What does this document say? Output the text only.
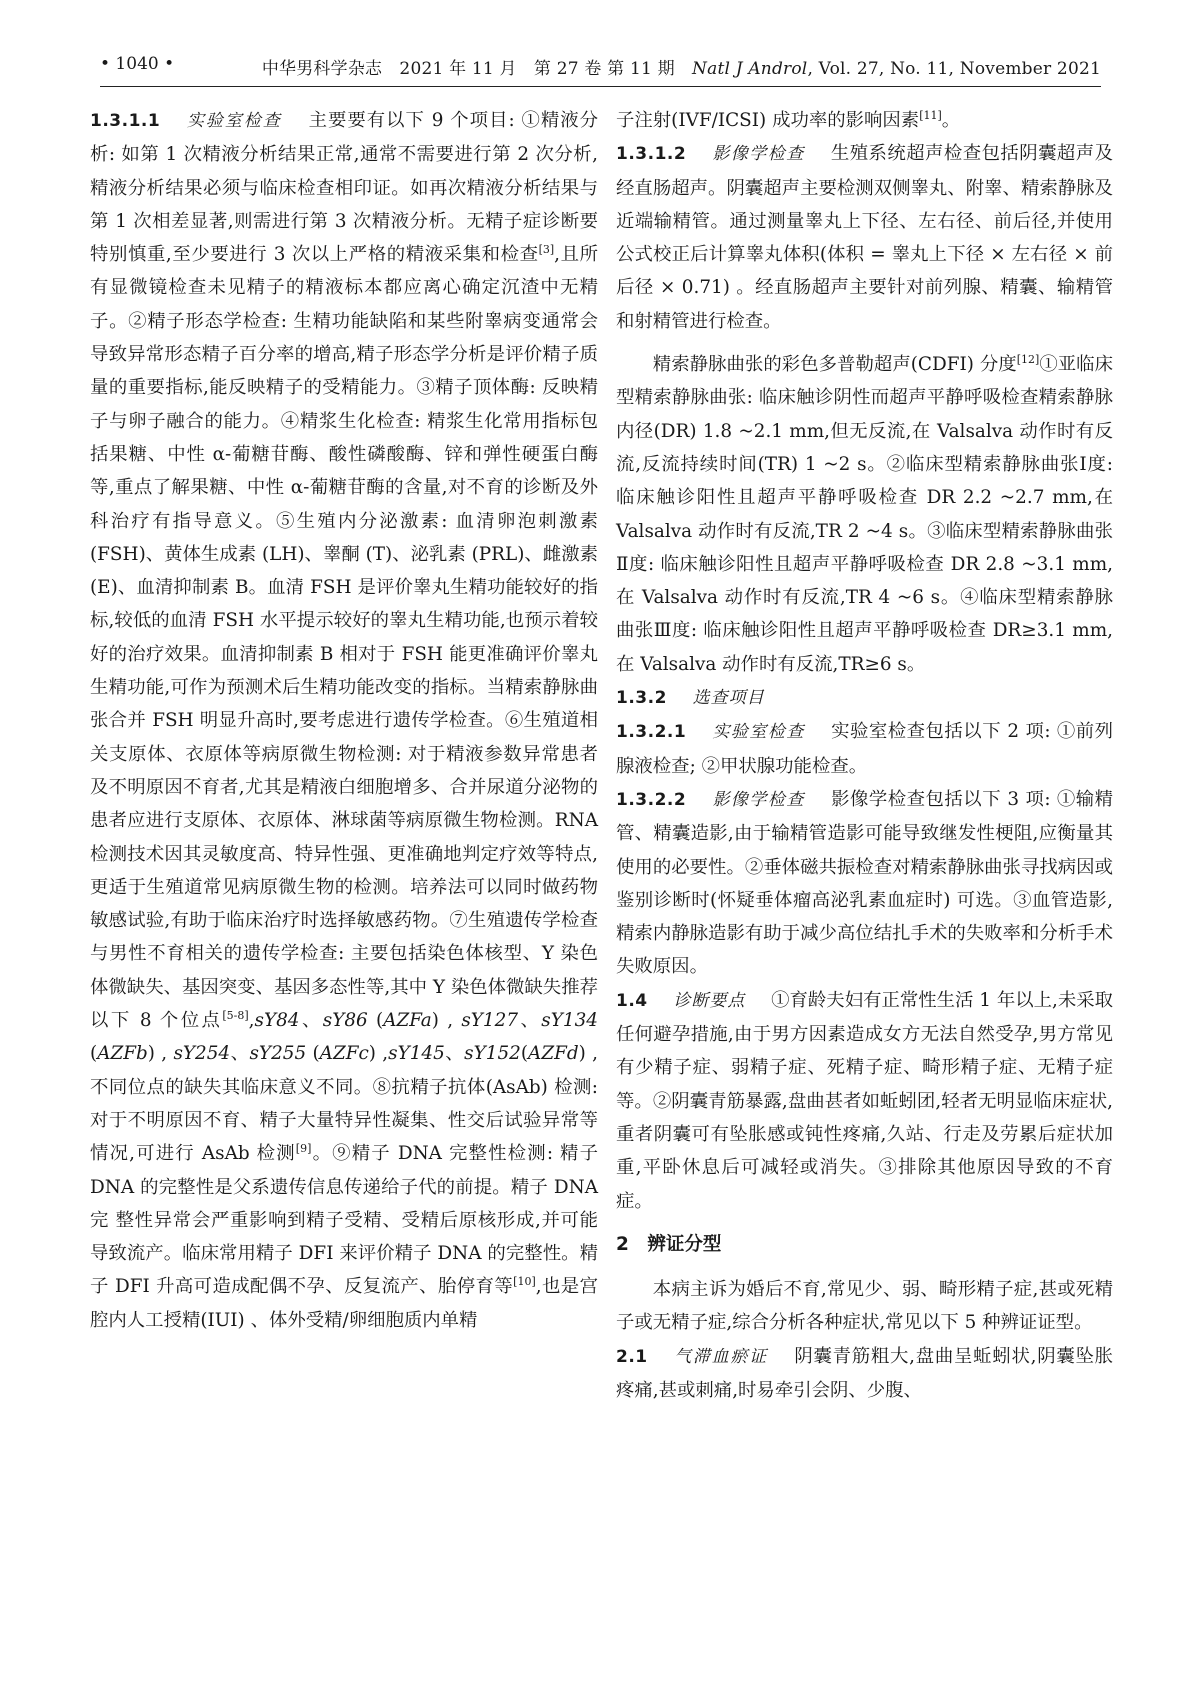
• 1040 •	中华男科学杂志　2021 年 11 月　第 27 卷 第 11 期　 Natl J Androl, Vol. 27, No. 11, November 2021

1.3.1.1 实验室检查 主要要有以下 9 个项目: ①精液分析: 如第 1 次精液分析结果正常,通常不需要进行第 2 次分析,精液分析结果必须与临床检查相印证。如再次精液分析结果与第 1 次相差显著,则需进行第 3 次精液分析。无精子症诊断要特别慎重,至少要进行 3 次以上严格的精液采集和检查[3],且所有显微镜检查未见精子的精液标本都应离心确定沉渣中无精子。②精子形态学检查: 生精功能缺陷和某些附睾病变通常会导致异常形态精子百分率的增高,精子形态学分析是评价精子质量的重要指标,能反映精子的受精能力。③精子顶体酶: 反映精子与卵子融合的能力。④精浆生化检查: 精浆生化常用指标包括果糖、中性 α-葡糖苷酶、酸性磷酸酶、锌和弹性硬蛋白酶等,重点了解果糖、中性 α-葡糖苷酶的含量,对不育的诊断及外科治疗有指导意义。⑤生殖内分泌激素: 血清卵泡刺激素 (FSH)、黄体生成素 (LH)、睾酮 (T)、泌乳素 (PRL)、雌激素 (E)、血清抑制素 B。血清 FSH 是评价睾丸生精功能较好的指标,较低的血清 FSH 水平提示较好的睾丸生精功能,也预示着较好的治疗效果。血清抑制素 B 相对于 FSH 能更准确评价睾丸生精功能,可作为预测术后生精功能改变的指标。当精索静脉曲张合并 FSH 明显升高时,要考虑进行遗传学检查。⑥生殖道相关支原体、衣原体等病原微生物检测: 对于精液参数异常患者及不明原因不育者,尤其是精液白细胞增多、合并尿道分泌物的患者应进行支原体、衣原体、淋球菌等病原微生物检测。RNA 检测技术因其灵敏度高、特异性强、更准确地判定疗效等特点,更适于生殖道常见病原微生物的检测。培养法可以同时做药物敏感试验,有助于临床治疗时选择敏感药物。⑦生殖遗传学检查与男性不育相关的遗传学检查: 主要包括染色体核型、Y 染色体微缺失、基因突变、基因多态性等,其中 Y 染色体微缺失推荐以下 8 个位点[5-8],sY84、sY86 (AZFa) , sY127、sY134 (AZFb) , sY254、sY255 (AZFc) ,sY145、sY152(AZFd) ,不同位点的缺失其临床意义不同。⑧抗精子抗体(AsAb) 检测: 对于不明原因不育、精子大量特异性凝集、性交后试验异常等情况,可进行 AsAb 检测[9]。⑨精子 DNA 完整性检测: 精子 DNA 的完整性是父系遗传信息传递给子代的前提。精子 DNA 完 整性异常会严重影响到精子受精、受精后原核形成,并可能导致流产。临床常用精子 DFI 来评价精子 DNA 的完整性。精子 DFI 升高可造成配偶不孕、反复流产、胎停育等[10],也是宫腔内人工授精(IUI) 、体外受精/卵细胞质内单精

子注射(IVF/ICSI) 成功率的影响因素[11]。

1.3.1.2 影像学检查 生殖系统超声检查包括阴囊超声及经直肠超声。阴囊超声主要检测双侧睾丸、附睾、精索静脉及近端输精管。通过测量睾丸上下径、左右径、前后径,并使用公式校正后计算睾丸体积(体积 = 睾丸上下径 × 左右径 × 前后径 × 0.71) 。经直肠超声主要针对前列腺、精囊、输精管和射精管进行检查。

精索静脉曲张的彩色多普勒超声(CDFI) 分度[12]①亚临床型精索静脉曲张: 临床触诊阴性而超声平静呼吸检查精索静脉内径(DR) 1.8 ~2.1 mm,但无反流,在 Valsalva 动作时有反流,反流持续时间(TR) 1 ~2 s。②临床型精索静脉曲张Ⅰ度: 临床触诊阳性且超声平静呼吸检查 DR 2.2 ~2.7 mm,在 Valsalva 动作时有反流,TR 2 ~4 s。③临床型精索静脉曲张Ⅱ度: 临床触诊阳性且超声平静呼吸检查 DR 2.8 ~3.1 mm,在 Valsalva 动作时有反流,TR 4 ~6 s。④临床型精索静脉曲张Ⅲ度: 临床触诊阳性且超声平静呼吸检查 DR≥3.1 mm,在 Valsalva 动作时有反流,TR≥6 s。

1.3.2 选查项目

1.3.2.1 实验室检查 实验室检查包括以下 2 项: ①前列腺液检查; ②甲状腺功能检查。

1.3.2.2 影像学检查 影像学检查包括以下 3 项: ①输精管、精囊造影,由于输精管造影可能导致继发性梗阻,应衡量其使用的必要性。②垂体磁共振检查对精索静脉曲张寻找病因或鉴别诊断时(怀疑垂体瘤高泌乳素血症时) 可选。③血管造影,精索内静脉造影有助于减少高位结扎手术的失败率和分析手术失败原因。

1.4 诊断要点 ①育龄夫妇有正常性生活 1 年以上,未采取任何避孕措施,由于男方因素造成女方无法自然受孕,男方常见有少精子症、弱精子症、死精子症、畸形精子症、无精子症等。②阴囊青筋暴露,盘曲甚者如蚯蚓团,轻者无明显临床症状,重者阴囊可有坠胀感或钝性疼痛,久站、行走及劳累后症状加重,平卧休息后可减轻或消失。③排除其他原因导致的不育症。

2　辨证分型

本病主诉为婚后不育,常见少、弱、畸形精子症,甚或死精子或无精子症,综合分析各种症状,常见以下 5 种辨证证型。

2.1 气滞血瘀证 阴囊青筋粗大,盘曲呈蚯蚓状,阴囊坠胀疼痛,甚或刺痛,时易牵引会阴、少腹、
